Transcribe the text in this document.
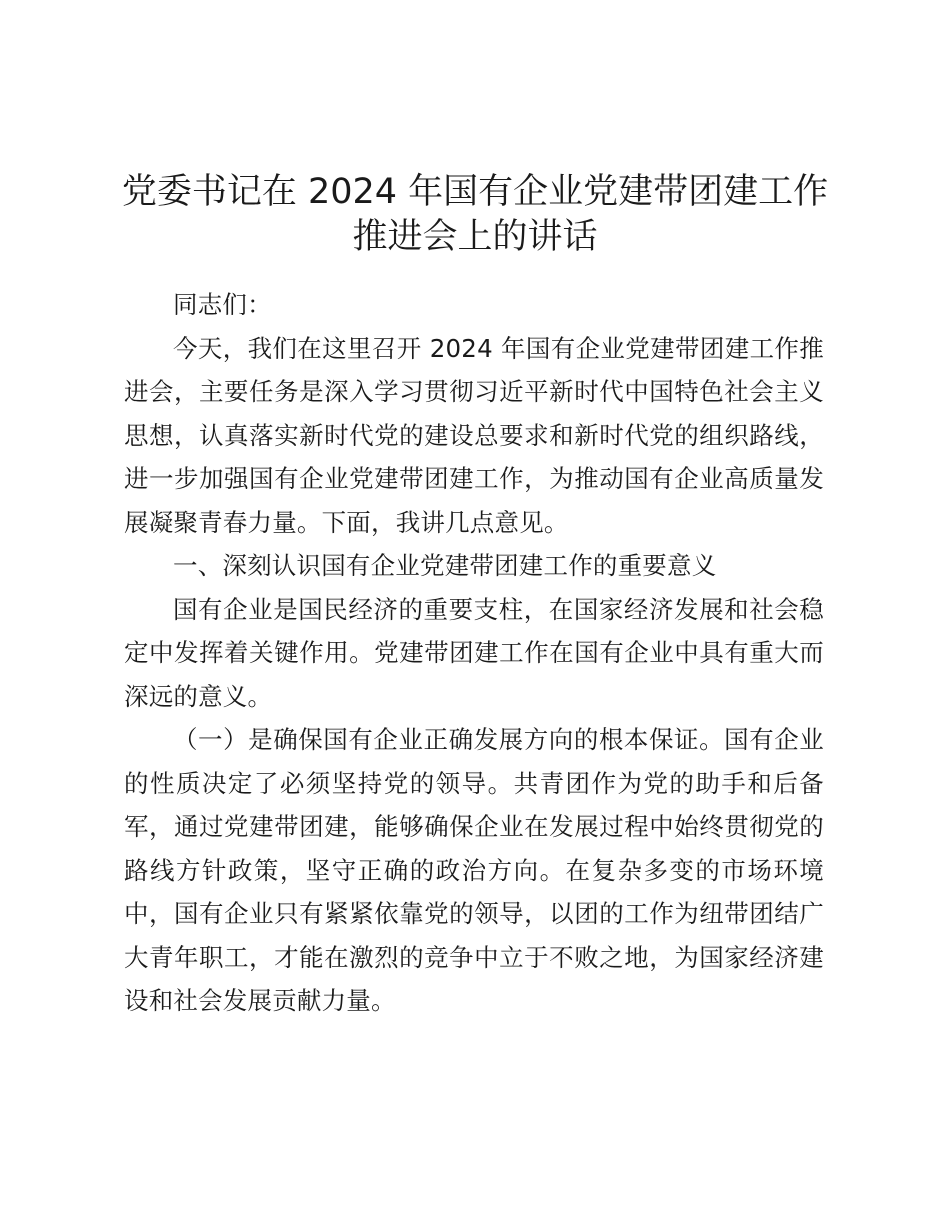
党委书记在 2024 年国有企业党建带团建工作
推进会上的讲话

同志们：

今天，我们在这里召开 2024 年国有企业党建带团建工作推进会，主要任务是深入学习贯彻习近平新时代中国特色社会主义思想，认真落实新时代党的建设总要求和新时代党的组织路线，进一步加强国有企业党建带团建工作，为推动国有企业高质量发展凝聚青春力量。下面，我讲几点意见。

一、深刻认识国有企业党建带团建工作的重要意义

国有企业是国民经济的重要支柱，在国家经济发展和社会稳定中发挥着关键作用。党建带团建工作在国有企业中具有重大而深远的意义。

（一）是确保国有企业正确发展方向的根本保证。国有企业的性质决定了必须坚持党的领导。共青团作为党的助手和后备军，通过党建带团建，能够确保企业在发展过程中始终贯彻党的路线方针政策，坚守正确的政治方向。在复杂多变的市场环境中，国有企业只有紧紧依靠党的领导，以团的工作为纽带团结广大青年职工，才能在激烈的竞争中立于不败之地，为国家经济建设和社会发展贡献力量。
